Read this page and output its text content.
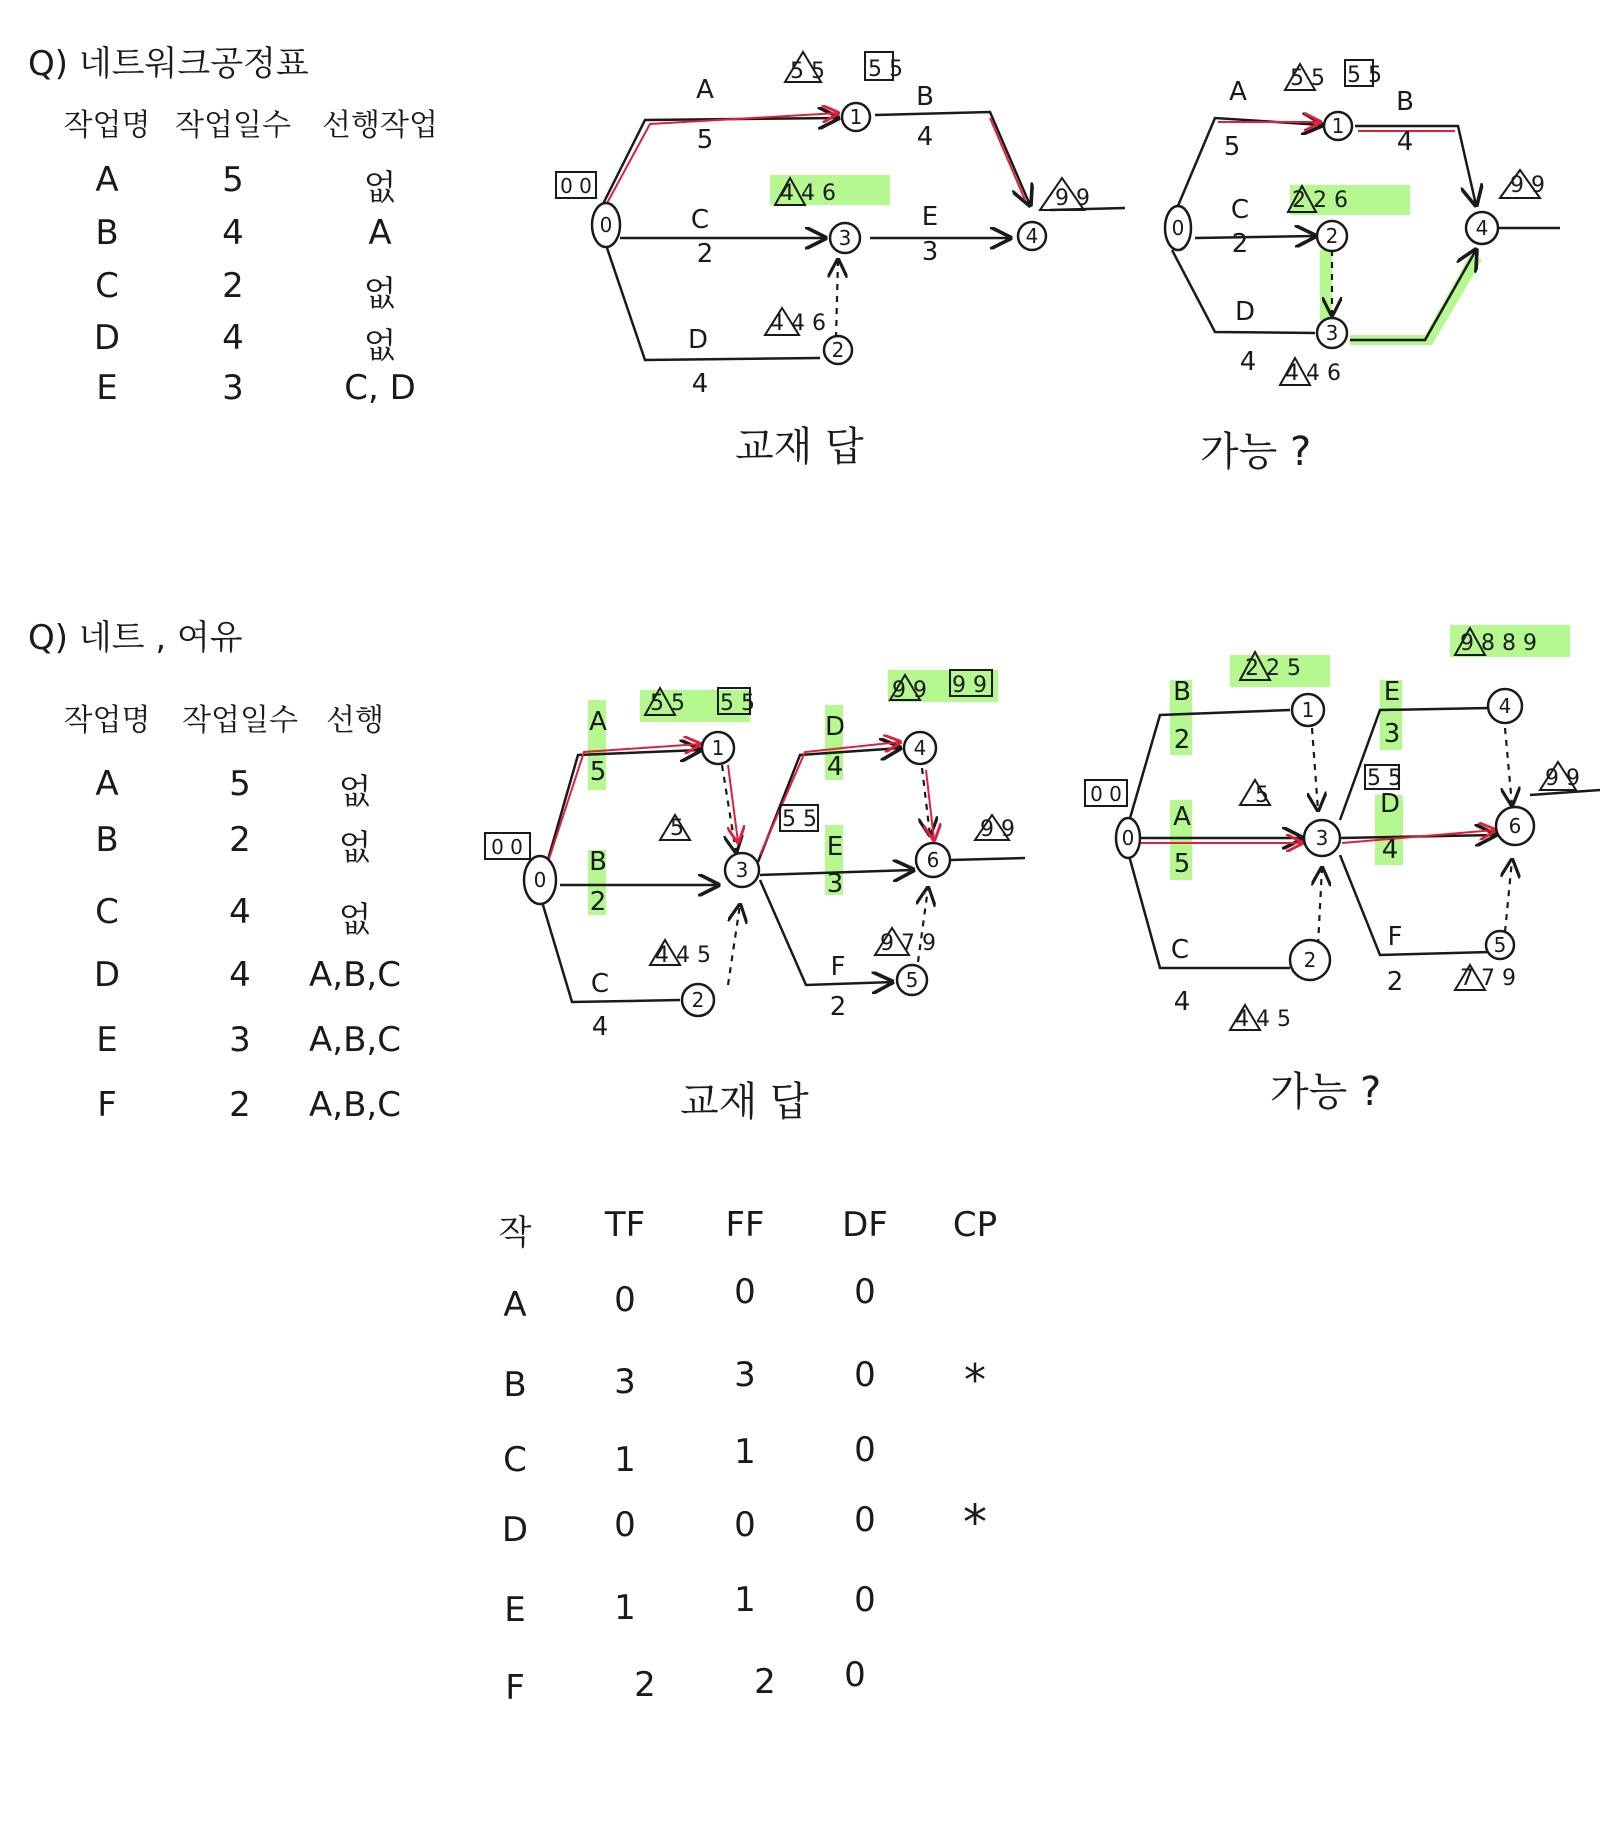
Q) 네트워크공정표
작업명 작업일수 선행작업
A	5	없
B	4	A
C	2	없
D	4	없
E	3	C, D
Q) 네트 , 여유
작업명	작업일수 선행
A	5	없
B	2	없
C	4	없
D	4	A,B,C
E	3	A,B,C
F	2	A,B,C
작	TF	FF	DF	CP
A	0	0	0
B	3	3	0	*
C	1	1	0
D	0	0	0	*
E	1	1	0
F	2	2	0
0
1
2
3	4
A
5
B
4
C
2
E
3
D
4
0 0
5 5 5 5
4 4 6
4 4 6
9 9
0
1
2
3
4
A
5
B
4
C
2
D
4
5 5 5 5
2 2 6
4 4 6
9 9
0
1
2
3
4
5
6
A
5
B
2
C
4
D
4
E
3
F
2
0 0
5 5 5 5
5	5 5
4 4 5
9 9 9 9
9 7 9
9 9	0
1
2
3
4
5
6
B
2
A
5
C
4
E
3
D
4
F
2
0 0
2 2 5
5
4 4 5
5 5
9 8 8 9
9 9
7 7 9
교재 답	가능 ?
교재 답	가능 ?
